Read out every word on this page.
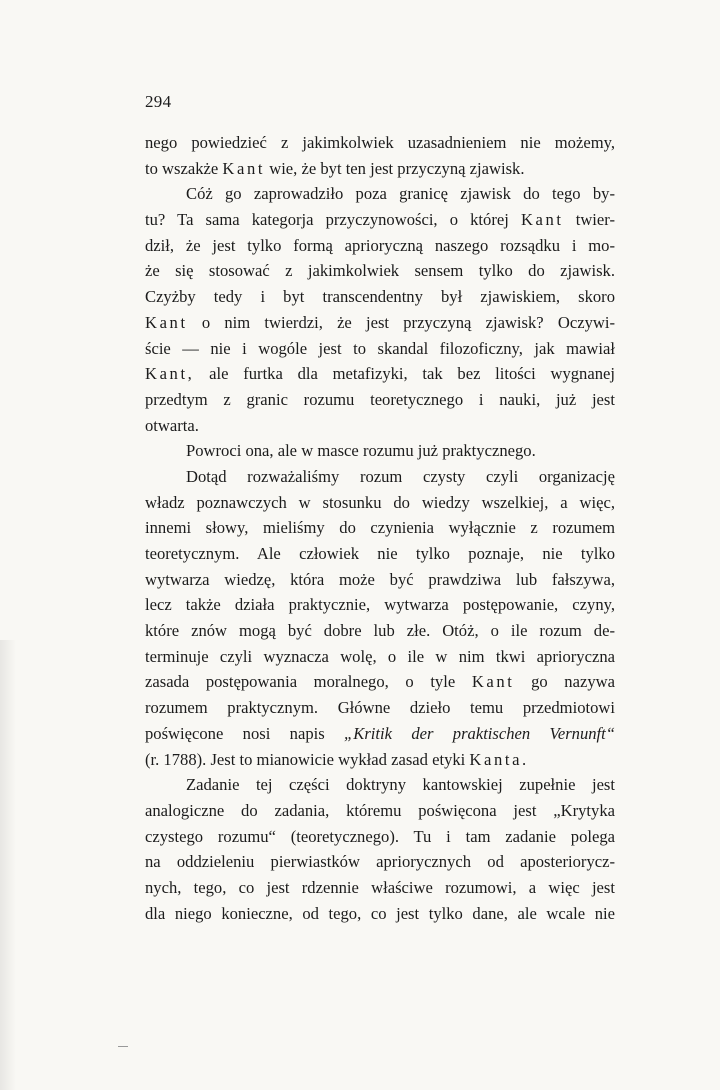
294
nego powiedzieć z jakimkolwiek uzasadnieniem nie możemy,
to wszakże Kant wie, że byt ten jest przyczyną zjawisk.
Cóż go zaprowadziło poza granicę zjawisk do tego by-
tu? Ta sama kategorja przyczynowości, o której Kant twier-
dził, że jest tylko formą aprioryczną naszego rozsądku i mo-
że się stosować z jakimkolwiek sensem tylko do zjawisk.
Czyżby tedy i byt transcendentny był zjawiskiem, skoro
Kant o nim twierdzi, że jest przyczyną zjawisk? Oczywi-
ście — nie i wogóle jest to skandal filozoficzny, jak mawiał
Kant, ale furtka dla metafizyki, tak bez litości wygnanej
przedtym z granic rozumu teoretycznego i nauki, już jest
otwarta.
Powroci ona, ale w masce rozumu już praktycznego.
Dotąd rozważaliśmy rozum czysty czyli organizację
władz poznawczych w stosunku do wiedzy wszelkiej, a więc,
innemi słowy, mieliśmy do czynienia wyłącznie z rozumem
teoretycznym. Ale człowiek nie tylko poznaje, nie tylko
wytwarza wiedzę, która może być prawdziwa lub fałszywa,
lecz także działa praktycznie, wytwarza postępowanie, czyny,
które znów mogą być dobre lub złe. Otóż, o ile rozum de-
terminuje czyli wyznacza wolę, o ile w nim tkwi aprioryczna
zasada postępowania moralnego, o tyle Kant go nazywa
rozumem praktycznym. Główne dzieło temu przedmiotowi
poświęcone nosi napis „Kritik der praktischen Vernunft“
(r. 1788). Jest to mianowicie wykład zasad etyki Kanta.
Zadanie tej części doktryny kantowskiej zupełnie jest
analogiczne do zadania, któremu poświęcona jest „Krytyka
czystego rozumu“ (teoretycznego). Tu i tam zadanie polega
na oddzieleniu pierwiastków apriorycznych od aposteriorycz-
nych, tego, co jest rdzennie właściwe rozumowi, a więc jest
dla niego konieczne, od tego, co jest tylko dane, ale wcale nie
